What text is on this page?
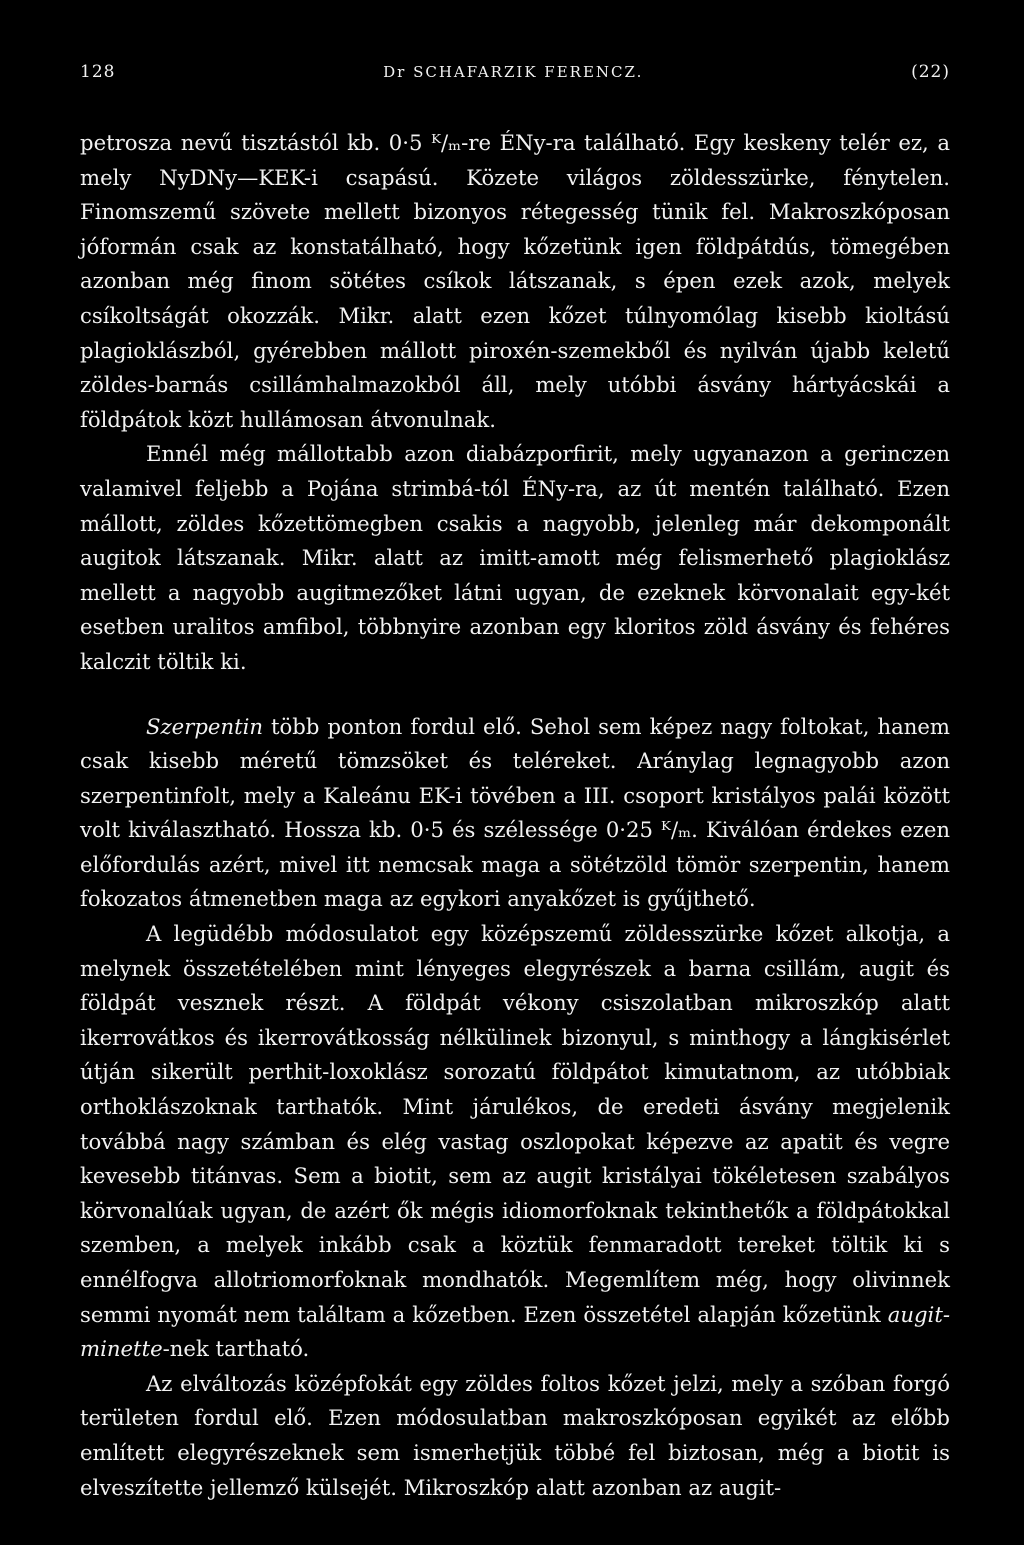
128	Dr SCHAFARZIK FERENCZ.	(22)

petrosza nevű tisztástól kb. 0·5 ᴷ/ₘ-re ÉNy-ra található. Egy keskeny telér ez, a mely NyDNy—KEK-i csapású. Közete világos zöldesszürke, fénytelen. Finomszemű szövete mellett bizonyos rétegesség tünik fel. Makroszkóposan jóformán csak az konstatálható, hogy kőzetünk igen földpátdús, tömegében azonban még finom sötétes csíkok látszanak, s épen ezek azok, melyek csíkoltságát okozzák. Mikr. alatt ezen kőzet túlnyomólag kisebb kioltású plagioklászból, gyérebben mállott piroxén-szemekből és nyilván újabb keletű zöldes-barnás csillámhalmazokból áll, mely utóbbi ásvány hártyácskái a földpátok közt hullámosan átvonulnak.

Ennél még mállottabb azon diabázporfirit, mely ugyanazon a gerinczen valamivel feljebb a Pojána strimbá-tól ÉNy-ra, az út mentén található. Ezen mállott, zöldes kőzettömegben csakis a nagyobb, jelenleg már dekomponált augitok látszanak. Mikr. alatt az imitt-amott még felismerhető plagioklász mellett a nagyobb augitmezőket látni ugyan, de ezeknek körvonalait egy-két esetben uralitos amfibol, többnyire azonban egy kloritos zöld ásvány és fehéres kalczit töltik ki.

Szerpentin több ponton fordul elő. Sehol sem képez nagy foltokat, hanem csak kisebb méretű tömzsöket és teléreket. Aránylag legnagyobb azon szerpentinfolt, mely a Kaleánu EK-i tövében a III. csoport kristályos palái között volt kiválasztható. Hossza kb. 0·5 és szélessége 0·25 ᴷ/ₘ. Kiválóan érdekes ezen előfordulás azért, mivel itt nemcsak maga a sötétzöld tömör szerpentin, hanem fokozatos átmenetben maga az egykori anyakőzet is gyűjthető.

A legüdébb módosulatot egy középszemű zöldesszürke kőzet alkotja, a melynek összetételében mint lényeges elegyrészek a barna csillám, augit és földpát vesznek részt. A földpát vékony csiszolatban mikroszkóp alatt ikerrovátkos és ikerrovátkosság nélkülinek bizonyul, s minthogy a lángkisérlet útján sikerült perthit-loxoklász sorozatú földpátot kimutatnom, az utóbbiak orthoklászoknak tarthatók. Mint járulékos, de eredeti ásvány megjelenik továbbá nagy számban és elég vastag oszlopokat képezve az apatit és vegre kevesebb titánvas. Sem a biotit, sem az augit kristályai tökéletesen szabályos körvonalúak ugyan, de azért ők mégis idiomorfoknak tekinthetők a földpátokkal szemben, a melyek inkább csak a köztük fenmaradott tereket töltik ki s ennélfogva allotriomorfoknak mondhatók. Megemlítem még, hogy olivinnek semmi nyomát nem találtam a kőzetben. Ezen összetétel alapján kőzetünk augit-minette-nek tartható.

Az elváltozás középfokát egy zöldes foltos kőzet jelzi, mely a szóban forgó területen fordul elő. Ezen módosulatban makroszkóposan egyikét az előbb említett elegyrészeknek sem ismerhetjük többé fel biztosan, még a biotit is elveszítette jellemző külsejét. Mikroszkóp alatt azonban az augit-
